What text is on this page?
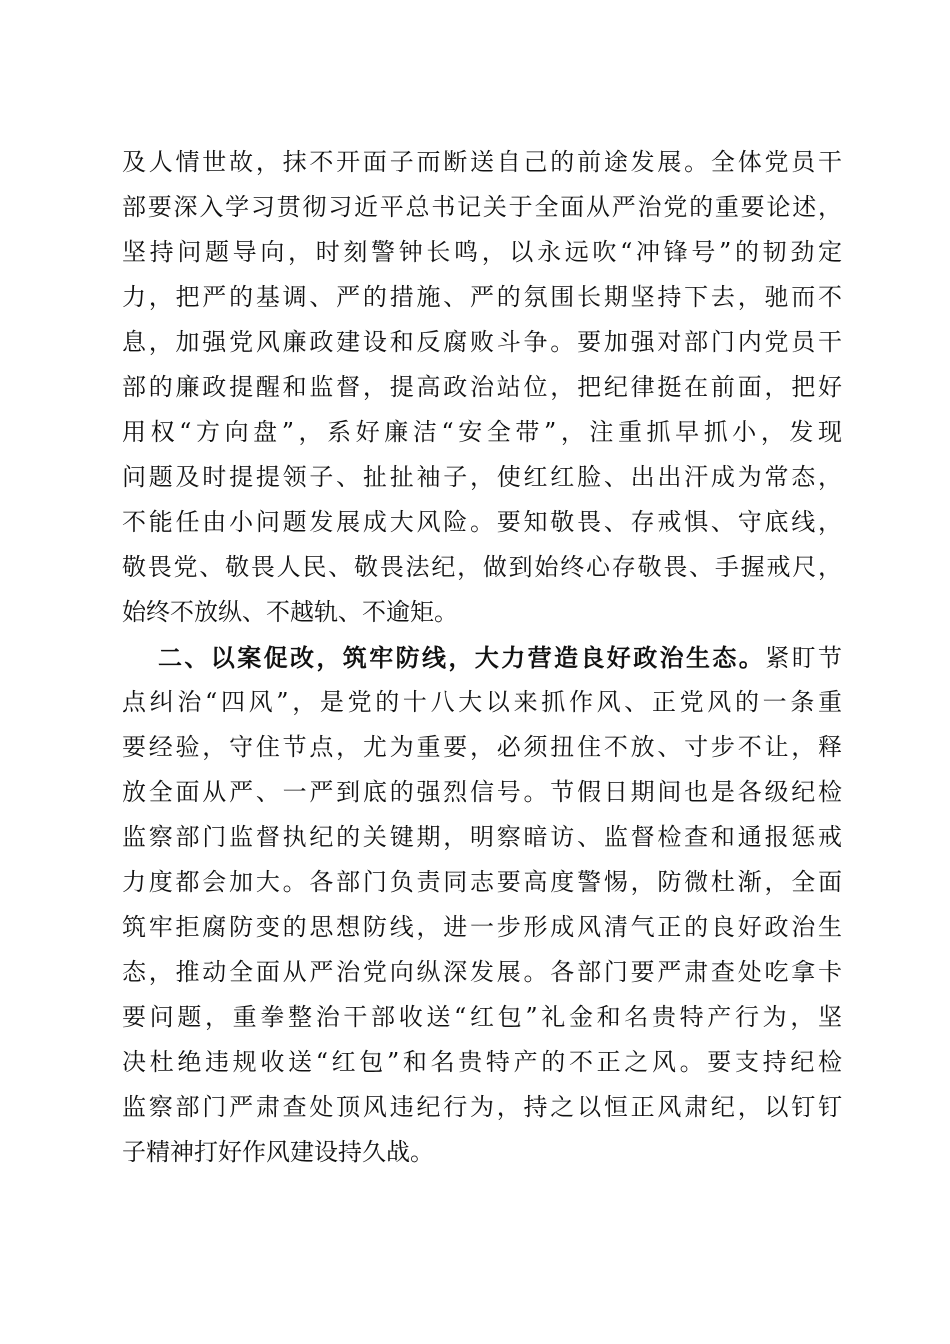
及人情世故，抹不开面子而断送自己的前途发展。全体党员干
部要深入学习贯彻习近平总书记关于全面从严治党的重要论述，
坚持问题导向，时刻警钟长鸣，以永远吹“冲锋号”的韧劲定
力，把严的基调、严的措施、严的氛围长期坚持下去，驰而不
息，加强党风廉政建设和反腐败斗争。要加强对部门内党员干
部的廉政提醒和监督，提高政治站位，把纪律挺在前面，把好
用权“方向盘”，系好廉洁“安全带”，注重抓早抓小，发现
问题及时提提领子、扯扯袖子，使红红脸、出出汗成为常态，
不能任由小问题发展成大风险。要知敬畏、存戒惧、守底线，
敬畏党、敬畏人民、敬畏法纪，做到始终心存敬畏、手握戒尺，
始终不放纵、不越轨、不逾矩。
二、以案促改，筑牢防线，大力营造良好政治生态。紧盯节
点纠治“四风”，是党的十八大以来抓作风、正党风的一条重
要经验，守住节点，尤为重要，必须扭住不放、寸步不让，释
放全面从严、一严到底的强烈信号。节假日期间也是各级纪检
监察部门监督执纪的关键期，明察暗访、监督检查和通报惩戒
力度都会加大。各部门负责同志要高度警惕，防微杜渐，全面
筑牢拒腐防变的思想防线，进一步形成风清气正的良好政治生
态，推动全面从严治党向纵深发展。各部门要严肃查处吃拿卡
要问题，重拳整治干部收送“红包”礼金和名贵特产行为，坚
决杜绝违规收送“红包”和名贵特产的不正之风。要支持纪检
监察部门严肃查处顶风违纪行为，持之以恒正风肃纪，以钉钉
子精神打好作风建设持久战。
